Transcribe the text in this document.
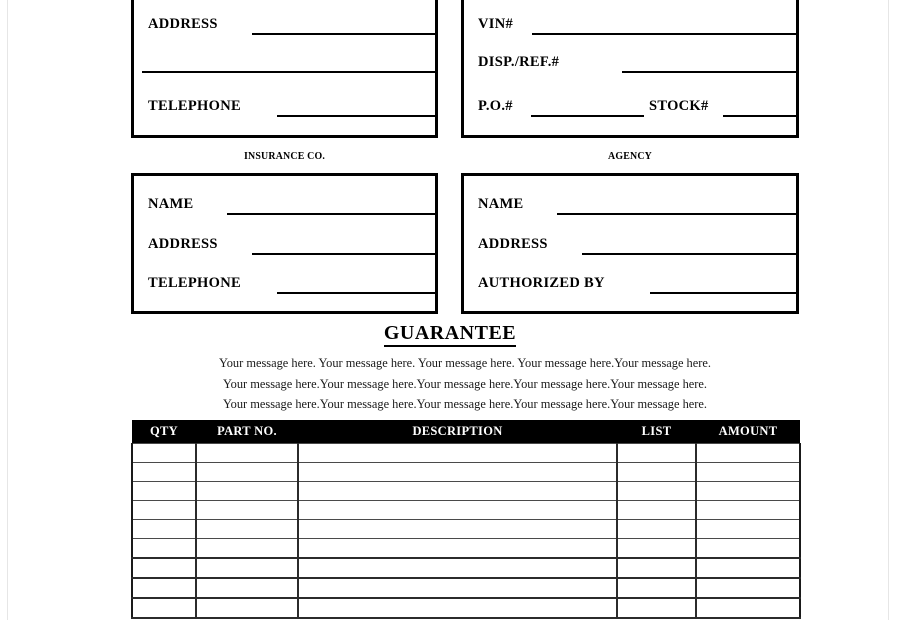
ADDRESS
TELEPHONE
VIN#
DISP./REF.#
P.O.#	STOCK#
INSURANCE CO.	AGENCY
NAME
ADDRESS
TELEPHONE
NAME
ADDRESS
AUTHORIZED BY
GUARANTEE
Your message here. Your message here. Your message here. Your message here.Your message here.
Your message here.Your message here.Your message here.Your message here.Your message here.
Your message here.Your message here.Your message here.Your message here.Your message here.
QTY	PART NO.	DESCRIPTION	LIST	AMOUNT
